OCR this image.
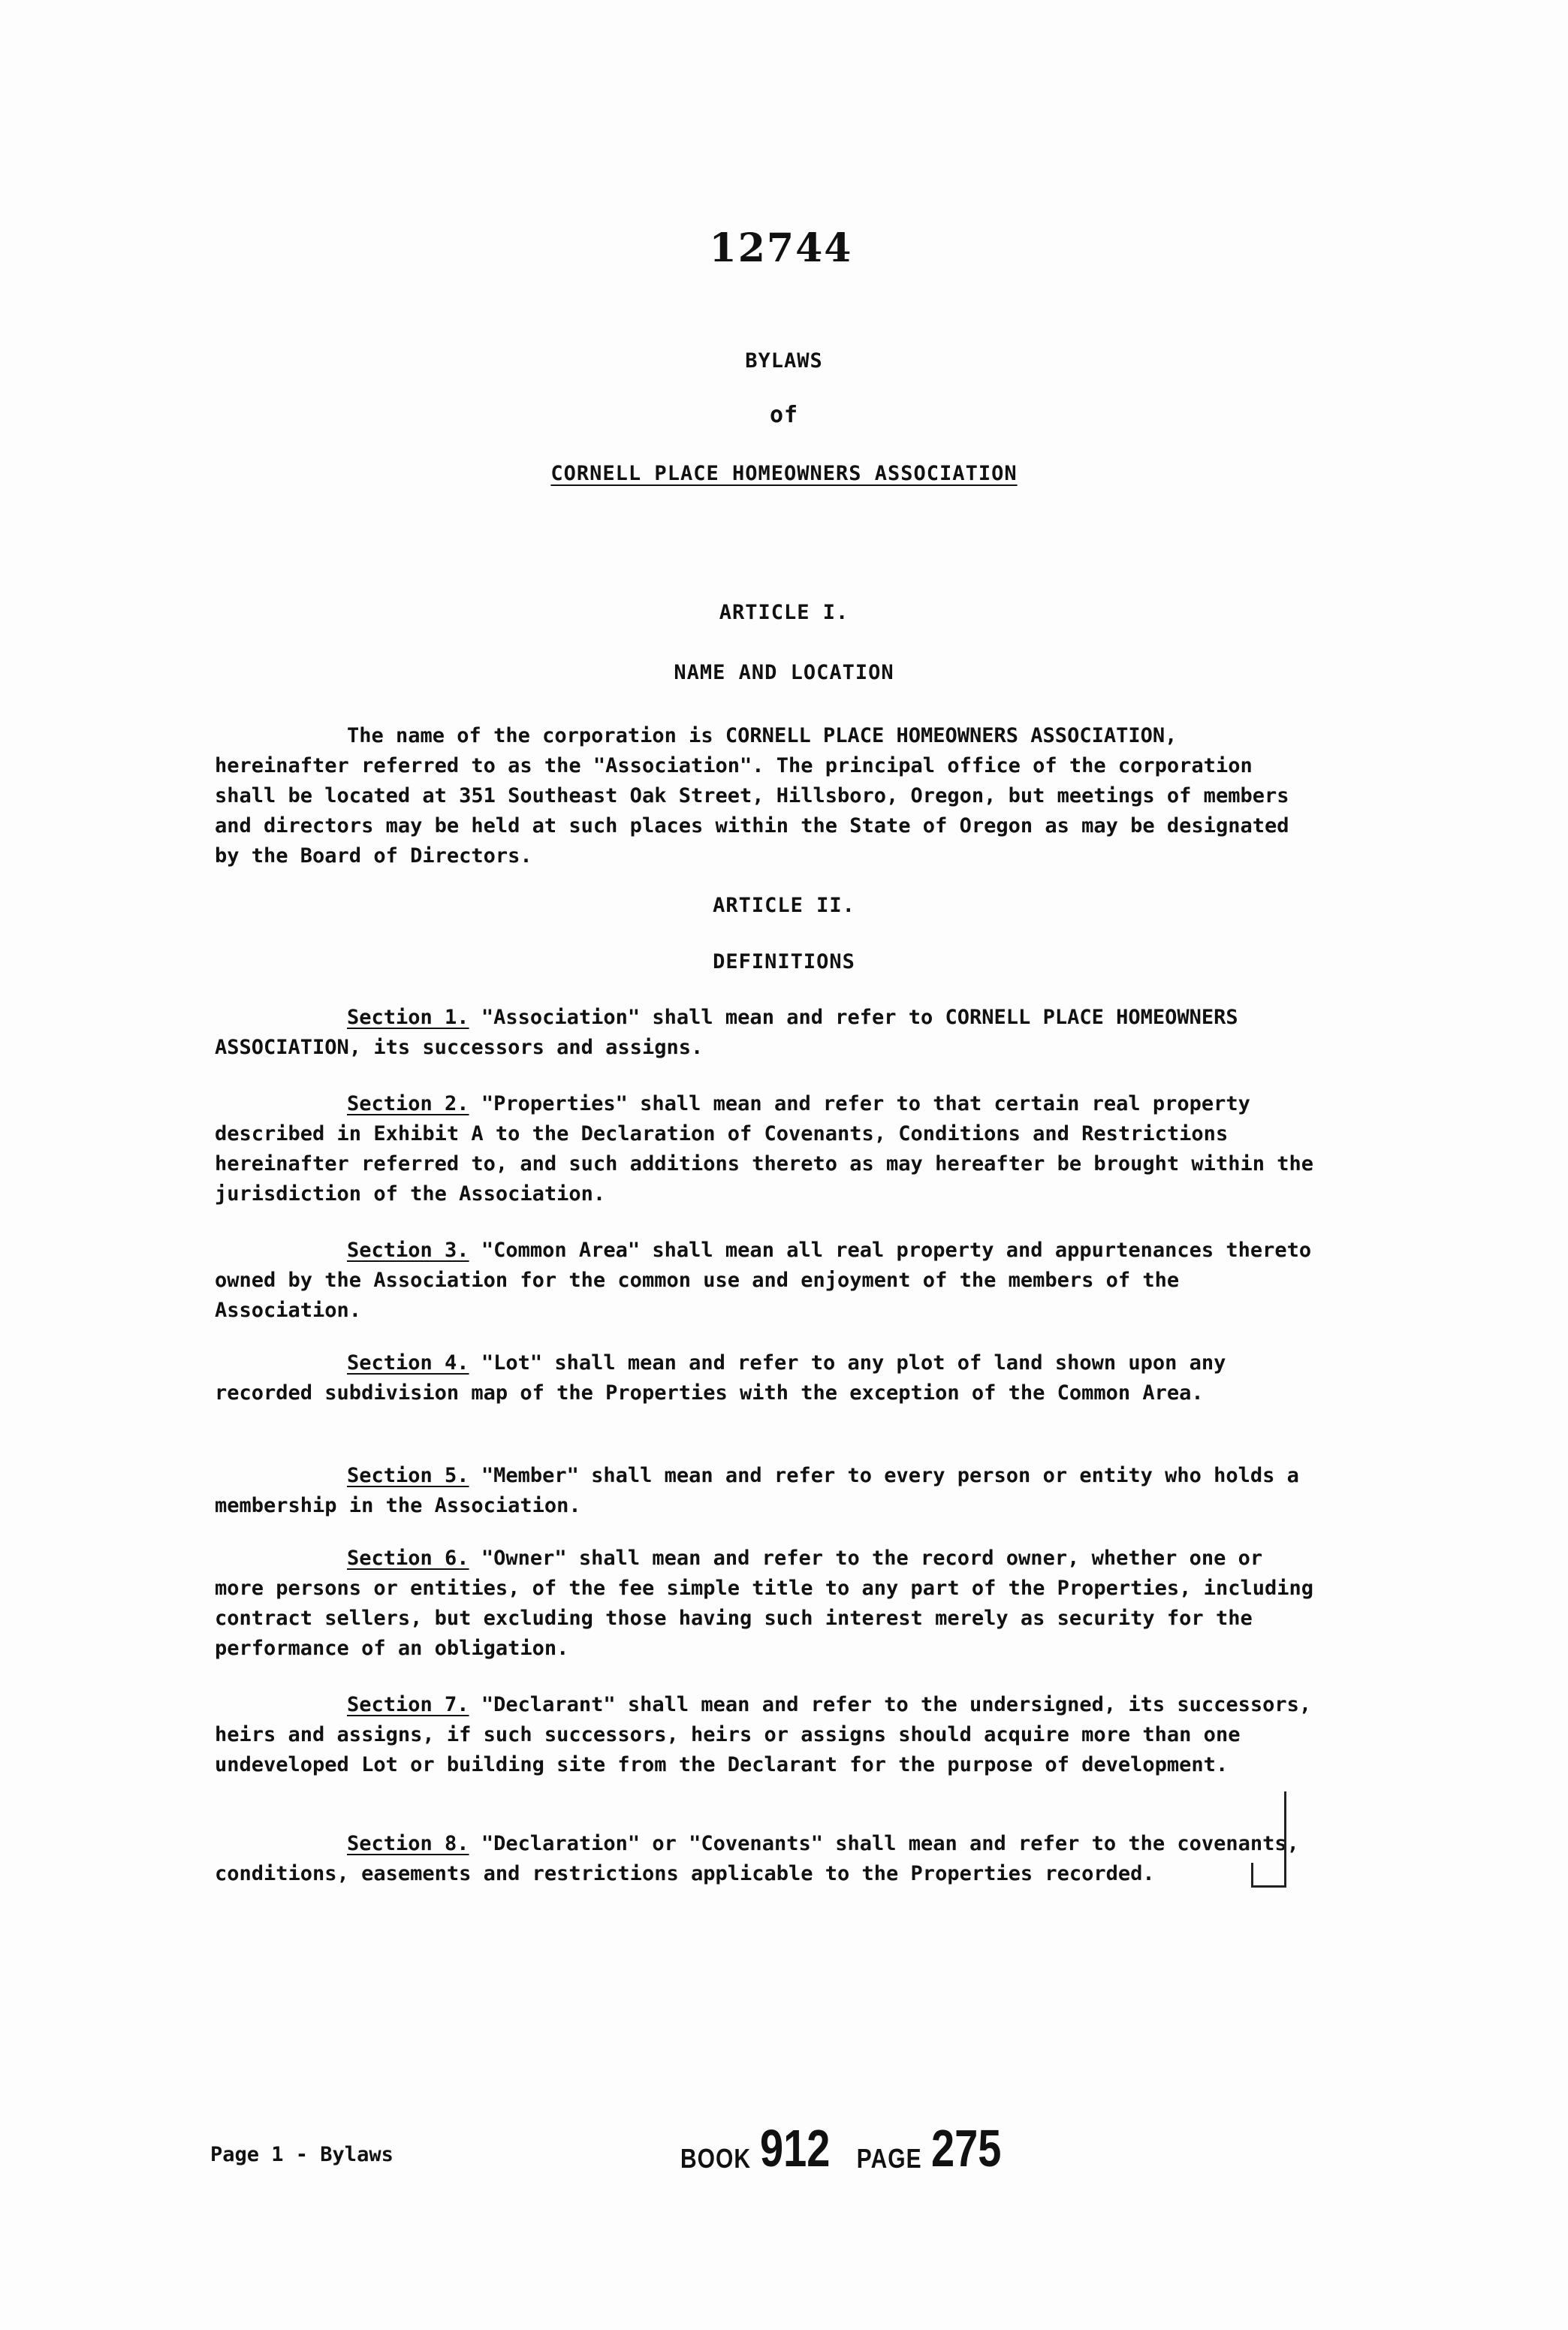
12744
BYLAWS
of
CORNELL PLACE HOMEOWNERS ASSOCIATION
ARTICLE I.
NAME AND LOCATION

The name of the corporation is CORNELL PLACE HOMEOWNERS ASSOCIATION, hereinafter referred to as the "Association". The principal office of the corporation shall be located at 351 Southeast Oak Street, Hillsboro, Oregon, but meetings of members and directors may be held at such places within the State of Oregon as may be designated by the Board of Directors.

ARTICLE II.
DEFINITIONS

Section 1. "Association" shall mean and refer to CORNELL PLACE HOMEOWNERS ASSOCIATION, its successors and assigns.

Section 2. "Properties" shall mean and refer to that certain real property described in Exhibit A to the Declaration of Covenants, Conditions and Restrictions hereinafter referred to, and such additions thereto as may hereafter be brought within the jurisdiction of the Association.

Section 3. "Common Area" shall mean all real property and appurtenances thereto owned by the Association for the common use and enjoyment of the members of the Association.

Section 4. "Lot" shall mean and refer to any plot of land shown upon any recorded subdivision map of the Properties with the exception of the Common Area.

Section 5. "Member" shall mean and refer to every person or entity who holds a membership in the Association.

Section 6. "Owner" shall mean and refer to the record owner, whether one or more persons or entities, of the fee simple title to any part of the Properties, including contract sellers, but excluding those having such interest merely as security for the performance of an obligation.

Section 7. "Declarant" shall mean and refer to the undersigned, its successors, heirs and assigns, if such successors, heirs or assigns should acquire more than one undeveloped Lot or building site from the Declarant for the purpose of development.

Section 8. "Declaration" or "Covenants" shall mean and refer to the covenants, conditions, easements and restrictions applicable to the Properties recorded.

Page 1 - Bylaws	BOOK 912 PAGE 275
